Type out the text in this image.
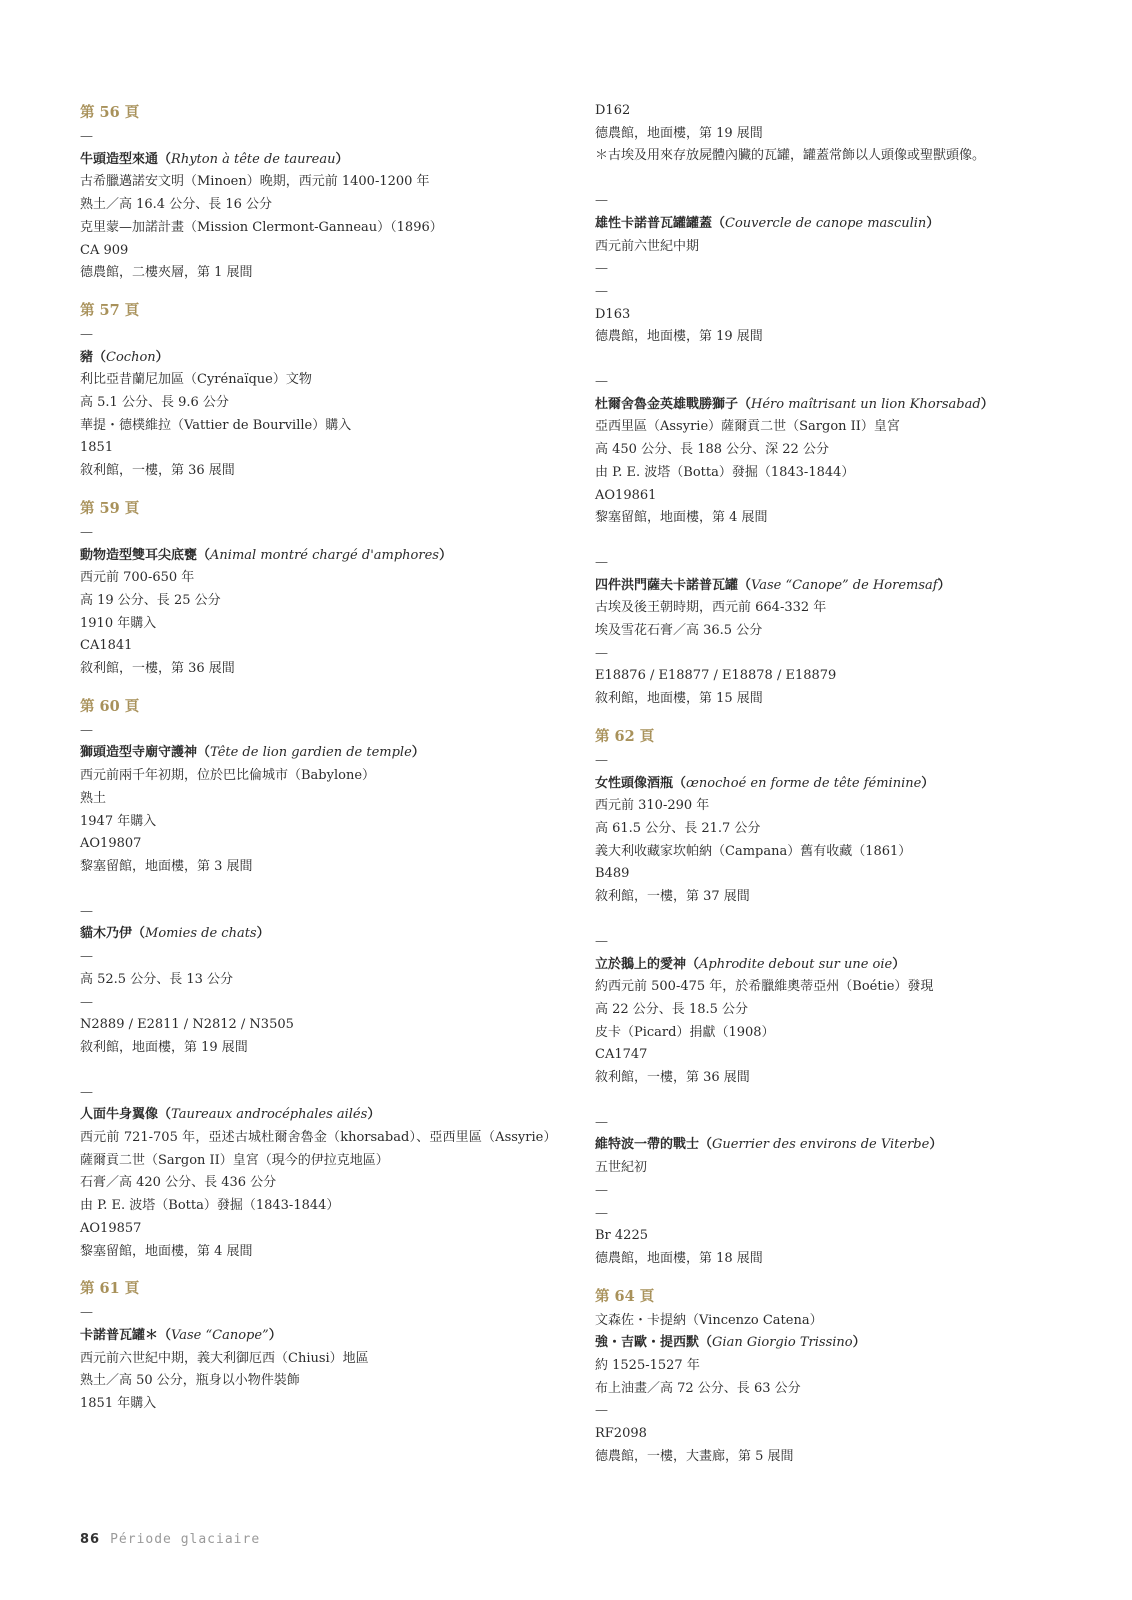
第 56 頁
—
牛頭造型來通（Rhyton à tête de taureau）
古希臘邁諾安文明（Minoen）晚期，西元前 1400-1200 年
熟土／高 16.4 公分、長 16 公分
克里蒙—加諾計畫（Mission Clermont-Ganneau）（1896）
CA 909
德農館，二樓夾層，第 1 展間
第 57 頁
—
豬（Cochon）
利比亞昔蘭尼加區（Cyrénaïque）文物
高 5.1 公分、長 9.6 公分
華提・德樸維拉（Vattier de Bourville）購入
1851
敘利館，一樓，第 36 展間
第 59 頁
—
動物造型雙耳尖底甕（Animal montré chargé d'amphores）
西元前 700-650 年
高 19 公分、長 25 公分
1910 年購入
CA1841
敘利館，一樓，第 36 展間
第 60 頁
—
獅頭造型寺廟守護神（Tête de lion gardien de temple）
西元前兩千年初期，位於巴比倫城市（Babylone）
熟土
1947 年購入
AO19807
黎塞留館，地面樓，第 3 展間
—
貓木乃伊（Momies de chats）
—
高 52.5 公分、長 13 公分
—
N2889 / E2811 / N2812 / N3505
敘利館，地面樓，第 19 展間
—
人面牛身翼像（Taureaux androcéphales ailés）
西元前 721-705 年，亞述古城杜爾舍魯金（khorsabad）、亞西里區（Assyrie）薩爾貢二世（Sargon II）皇宮（現今的伊拉克地區）
石膏／高 420 公分、長 436 公分
由 P. E. 波塔（Botta）發掘（1843-1844）
AO19857
黎塞留館，地面樓，第 4 展間
第 61 頁
—
卡諾普瓦罐＊（Vase “Canope”）
西元前六世紀中期，義大利御厄西（Chiusi）地區
熟土／高 50 公分，瓶身以小物件裝飾
1851 年購入
D162
德農館，地面樓，第 19 展間
＊古埃及用來存放屍體內臟的瓦罐，罐蓋常飾以人頭像或聖獸頭像。
—
雄性卡諾普瓦罐罐蓋（Couvercle de canope masculin）
西元前六世紀中期
—
—
D163
德農館，地面樓，第 19 展間
—
杜爾舍魯金英雄戰勝獅子（Héro maîtrisant un lion Khorsabad）
亞西里區（Assyrie）薩爾貢二世（Sargon II）皇宮
高 450 公分、長 188 公分、深 22 公分
由 P. E. 波塔（Botta）發掘（1843-1844）
AO19861
黎塞留館，地面樓，第 4 展間
—
四件洪門薩夫卡諾普瓦罐（Vase “Canope” de Horemsaf）
古埃及後王朝時期，西元前 664-332 年
埃及雪花石膏／高 36.5 公分
—
E18876 / E18877 / E18878 / E18879
敘利館，地面樓，第 15 展間
第 62 頁
—
女性頭像酒瓶（œnochoé en forme de tête féminine）
西元前 310-290 年
高 61.5 公分、長 21.7 公分
義大利收藏家坎帕納（Campana）舊有收藏（1861）
B489
敘利館，一樓，第 37 展間
—
立於鵝上的愛神（Aphrodite debout sur une oie）
約西元前 500-475 年，於希臘維奧蒂亞州（Boétie）發現
高 22 公分、長 18.5 公分
皮卡（Picard）捐獻（1908）
CA1747
敘利館，一樓，第 36 展間
—
維特波一帶的戰士（Guerrier des environs de Viterbe）
五世紀初
—
—
Br 4225
德農館，地面樓，第 18 展間
第 64 頁
文森佐・卡提納（Vincenzo Catena）
強・吉歐・提西默（Gian Giorgio Trissino）
約 1525-1527 年
布上油畫／高 72 公分、長 63 公分
—
RF2098
德農館，一樓，大畫廊，第 5 展間
86 Période glaciaire
